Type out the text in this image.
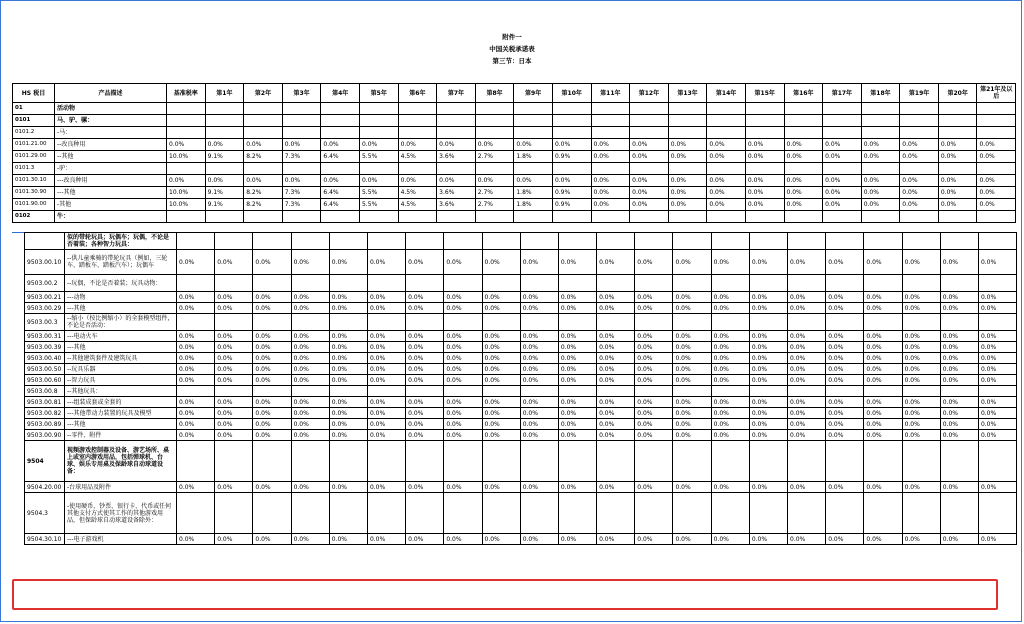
附件一
中国关税承诺表
第三节：日本
HS 税目	产品描述	基准税率	第1年	第2年	第3年	第4年	第5年	第6年	第7年	第8年	第9年	第10年	第11年	第12年	第13年	第14年	第15年	第16年	第17年	第18年	第19年	第20年	第21年及以后
01	活动物																						
0101	马、驴、骡：																						
0101.2	-马：																						
0101.21.00	--改良种用	0.0%	0.0%	0.0%	0.0%	0.0%	0.0%	0.0%	0.0%	0.0%	0.0%	0.0%	0.0%	0.0%	0.0%	0.0%	0.0%	0.0%	0.0%	0.0%	0.0%	0.0%	0.0%
0101.29.00	--其他	10.0%	9.1%	8.2%	7.3%	6.4%	5.5%	4.5%	3.6%	2.7%	1.8%	0.9%	0.0%	0.0%	0.0%	0.0%	0.0%	0.0%	0.0%	0.0%	0.0%	0.0%	0.0%
0101.3	-驴：																						
0101.30.10	---改良种用	0.0%	0.0%	0.0%	0.0%	0.0%	0.0%	0.0%	0.0%	0.0%	0.0%	0.0%	0.0%	0.0%	0.0%	0.0%	0.0%	0.0%	0.0%	0.0%	0.0%	0.0%	0.0%
0101.30.90	---其他	10.0%	9.1%	8.2%	7.3%	6.4%	5.5%	4.5%	3.6%	2.7%	1.8%	0.9%	0.0%	0.0%	0.0%	0.0%	0.0%	0.0%	0.0%	0.0%	0.0%	0.0%	0.0%
0101.90.00	-其他	10.0%	9.1%	8.2%	7.3%	6.4%	5.5%	4.5%	3.6%	2.7%	1.8%	0.9%	0.0%	0.0%	0.0%	0.0%	0.0%	0.0%	0.0%	0.0%	0.0%	0.0%	0.0%
0102	牛：																						
	似的带轮玩具；玩偶车；玩偶，不论是否着装；各种智力玩具：																						
9503.00.10	--供儿童乘骑的带轮玩具（例如，三轮车、踏板车、踏板汽车）；玩偶车	0.0%	0.0%	0.0%	0.0%	0.0%	0.0%	0.0%	0.0%	0.0%	0.0%	0.0%	0.0%	0.0%	0.0%	0.0%	0.0%	0.0%	0.0%	0.0%	0.0%	0.0%	0.0%
9503.00.2	--玩偶，不论是否着装；玩具动物：																						
9503.00.21	---动物	0.0%	0.0%	0.0%	0.0%	0.0%	0.0%	0.0%	0.0%	0.0%	0.0%	0.0%	0.0%	0.0%	0.0%	0.0%	0.0%	0.0%	0.0%	0.0%	0.0%	0.0%	0.0%
9503.00.29	---其他	0.0%	0.0%	0.0%	0.0%	0.0%	0.0%	0.0%	0.0%	0.0%	0.0%	0.0%	0.0%	0.0%	0.0%	0.0%	0.0%	0.0%	0.0%	0.0%	0.0%	0.0%	0.0%
9503.00.3	--缩小（按比例缩小）的全套模型组件，不论是否活动：																						
9503.00.31	---电动火车	0.0%	0.0%	0.0%	0.0%	0.0%	0.0%	0.0%	0.0%	0.0%	0.0%	0.0%	0.0%	0.0%	0.0%	0.0%	0.0%	0.0%	0.0%	0.0%	0.0%	0.0%	0.0%
9503.00.39	---其他	0.0%	0.0%	0.0%	0.0%	0.0%	0.0%	0.0%	0.0%	0.0%	0.0%	0.0%	0.0%	0.0%	0.0%	0.0%	0.0%	0.0%	0.0%	0.0%	0.0%	0.0%	0.0%
9503.00.40	--其他建筑套件及建筑玩具	0.0%	0.0%	0.0%	0.0%	0.0%	0.0%	0.0%	0.0%	0.0%	0.0%	0.0%	0.0%	0.0%	0.0%	0.0%	0.0%	0.0%	0.0%	0.0%	0.0%	0.0%	0.0%
9503.00.50	--玩具乐器	0.0%	0.0%	0.0%	0.0%	0.0%	0.0%	0.0%	0.0%	0.0%	0.0%	0.0%	0.0%	0.0%	0.0%	0.0%	0.0%	0.0%	0.0%	0.0%	0.0%	0.0%	0.0%
9503.00.60	--智力玩具	0.0%	0.0%	0.0%	0.0%	0.0%	0.0%	0.0%	0.0%	0.0%	0.0%	0.0%	0.0%	0.0%	0.0%	0.0%	0.0%	0.0%	0.0%	0.0%	0.0%	0.0%	0.0%
9503.00.8	--其他玩具：																						
9503.00.81	---组装成套或全套的	0.0%	0.0%	0.0%	0.0%	0.0%	0.0%	0.0%	0.0%	0.0%	0.0%	0.0%	0.0%	0.0%	0.0%	0.0%	0.0%	0.0%	0.0%	0.0%	0.0%	0.0%	0.0%
9503.00.82	---其他带动力装置的玩具及模型	0.0%	0.0%	0.0%	0.0%	0.0%	0.0%	0.0%	0.0%	0.0%	0.0%	0.0%	0.0%	0.0%	0.0%	0.0%	0.0%	0.0%	0.0%	0.0%	0.0%	0.0%	0.0%
9503.00.89	---其他	0.0%	0.0%	0.0%	0.0%	0.0%	0.0%	0.0%	0.0%	0.0%	0.0%	0.0%	0.0%	0.0%	0.0%	0.0%	0.0%	0.0%	0.0%	0.0%	0.0%	0.0%	0.0%
9503.00.90	--零件、附件	0.0%	0.0%	0.0%	0.0%	0.0%	0.0%	0.0%	0.0%	0.0%	0.0%	0.0%	0.0%	0.0%	0.0%	0.0%	0.0%	0.0%	0.0%	0.0%	0.0%	0.0%	0.0%
9504	视频游戏控制器及设备、游艺场所、桌上或室内游戏用品，包括弹球机、台球、娱乐专用桌及保龄球自动球道设备：																						
9504.20.00	-台球用品及附件	0.0%	0.0%	0.0%	0.0%	0.0%	0.0%	0.0%	0.0%	0.0%	0.0%	0.0%	0.0%	0.0%	0.0%	0.0%	0.0%	0.0%	0.0%	0.0%	0.0%	0.0%	0.0%
9504.3	-使用硬币、钞票、银行卡、代币或任何其他支付方式使其工作的其他游戏用品，但保龄球自动球道设备除外：																						
9504.30.10	---电子游戏机	0.0%	0.0%	0.0%	0.0%	0.0%	0.0%	0.0%	0.0%	0.0%	0.0%	0.0%	0.0%	0.0%	0.0%	0.0%	0.0%	0.0%	0.0%	0.0%	0.0%	0.0%	0.0%
